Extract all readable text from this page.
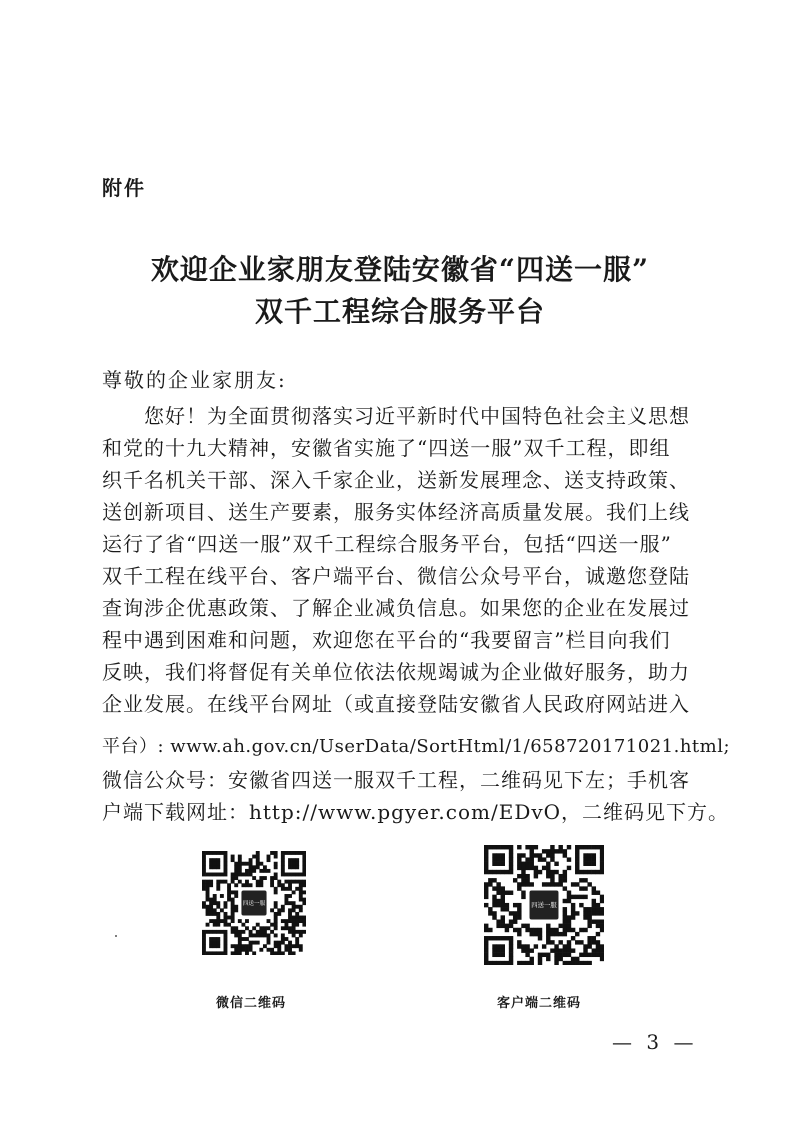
附件
欢迎企业家朋友登陆安徽省“四送一服”
双千工程综合服务平台
尊敬的企业家朋友:
　　您好！为全面贯彻落实习近平新时代中国特色社会主义思想
和党的十九大精神，安徽省实施了“四送一服”双千工程，即组
织千名机关干部、深入千家企业，送新发展理念、送支持政策、
送创新项目、送生产要素，服务实体经济高质量发展。我们上线
运行了省“四送一服”双千工程综合服务平台，包括“四送一服”
双千工程在线平台、客户端平台、微信公众号平台，诚邀您登陆
查询涉企优惠政策、了解企业减负信息。如果您的企业在发展过
程中遇到困难和问题，欢迎您在平台的“我要留言”栏目向我们
反映，我们将督促有关单位依法依规竭诚为企业做好服务，助力
企业发展。在线平台网址（或直接登陆安徽省人民政府网站进入
平台）: www.ah.gov.cn/UserData/SortHtml/1/658720171021.html;
微信公众号：安徽省四送一服双千工程，二维码见下左；手机客
户端下载网址：http://www.pgyer.com/EDvO，二维码见下方。
四送一服
微信二维码
四送一服
客户端二维码
— 3 —
